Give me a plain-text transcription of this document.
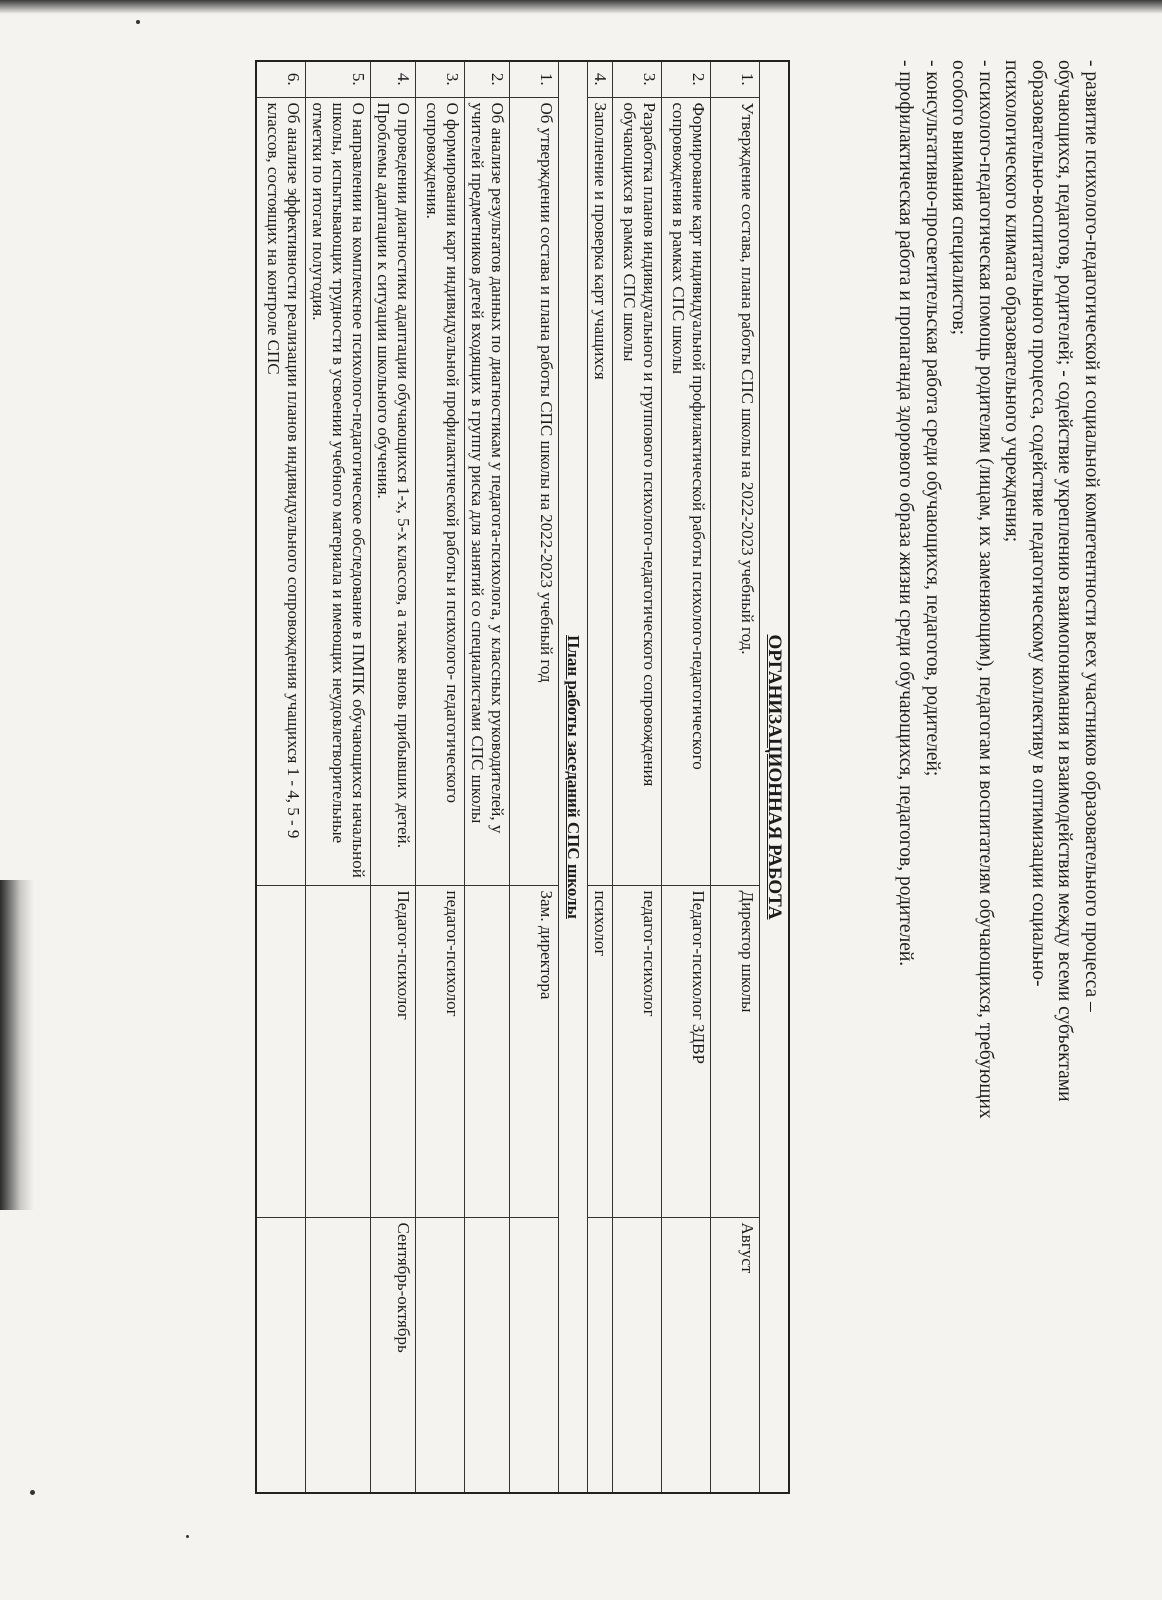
- развитие психолого-педагогической и социальной компетентности всех участников образовательного процесса –

обучающихся, педагогов, родителей; - содействие укреплению взаимопонимания и взаимодействия между всеми субъектами

образовательно-воспитательного процесса, содействие педагогическому коллективу в оптимизации социально-

психологического климата образовательного учреждения;

- психолого-педагогическая помощь родителям (лицам, их заменяющим), педагогам и воспитателям обучающихся, требующих

особого внимания специалистов;

- консультативно-просветительская работа среди обучающихся, педагогов, родителей;

- профилактическая работа и пропаганда здорового образа жизни среди обучающихся, педагогов, родителей.

ОРГАНИЗАЦИОННАЯ РАБОТА			
1.	Утверждение состава, плана работы СПС школы на 2022-2023 учебный год.	Директор школы	Август
2.	Формирование карт индивидуальной профилактической работы психолого-педагогического сопровождения в рамках СПС школы	Педагог-психолог ЗДВР	
3.	Разработка планов индивидуального и группового психолого-педагогического сопровождения обучающихся в рамках СПС школы	педагог-психолог	
4.	Заполнение и проверка карт учащихся	психолог	
План работы заседаний СПС школы			
1.	Об утверждении состава и плана работы СПС школы на 2022-2023 учебный год	Зам. директора	
2.	Об анализе результатов данных по диагностикам у педагога-психолога, у классных руководителей, у учителей предметников детей входящих в группу риска для занятий со специалистами СПС школы		
3.	О формировании карт индивидуальной профилактической работы и психолого- педагогического сопровождения.	педагог-психолог	
4.	О проведении диагностики адаптации обучающихся 1-х, 5-х классов, а также вновь прибывших детей. Проблемы адаптации к ситуации школьного обучения.	Педагог-психолог	Сентябрь-октябрь
5.	О направлении на комплексное психолого-педагогическое обследование в ПМПК обучающихся начальной школы, испытывающих трудности в усвоении учебного материала и имеющих неудовлетворительные отметки по итогам полугодия.		
6.	Об анализе эффективности реализации планов индивидуального сопровождения учащихся 1 - 4, 5 - 9 классов, состоящих на контроле СПС		
